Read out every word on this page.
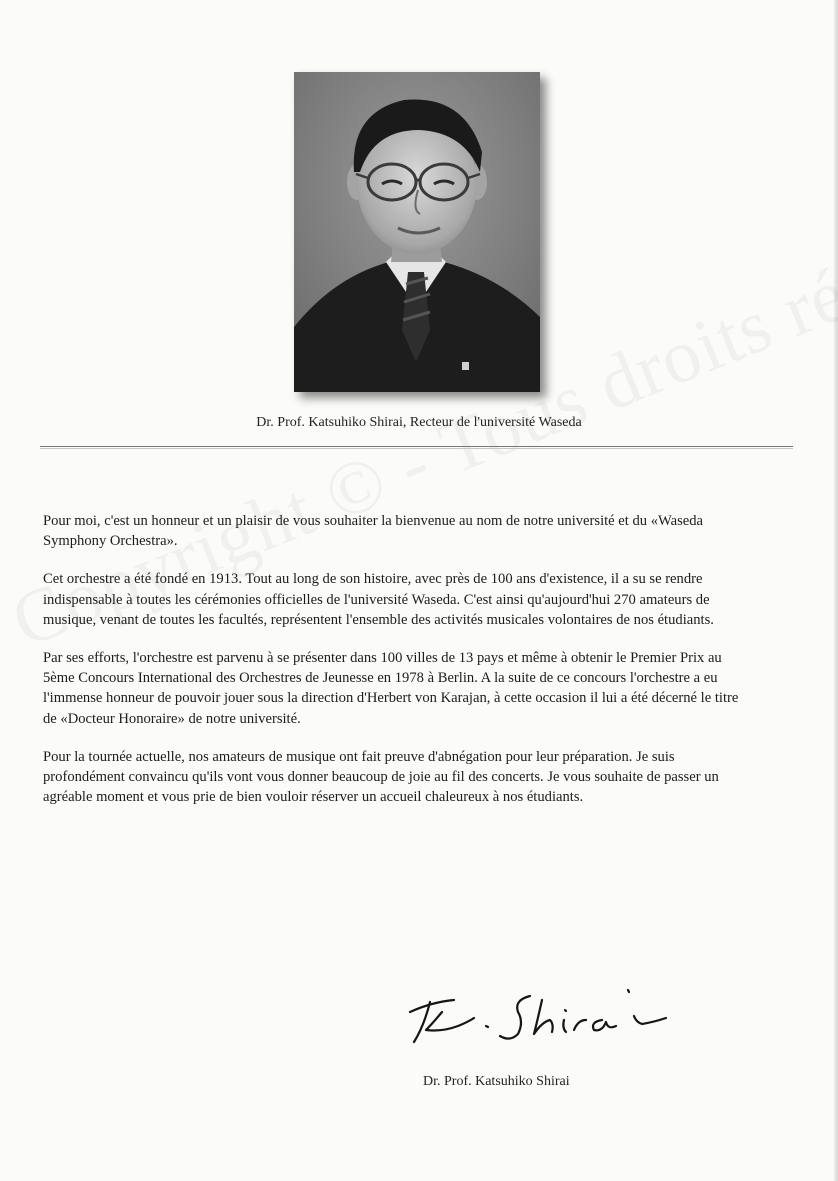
Dr. Prof. Katsuhiko Shirai, Recteur de l'université Waseda

Pour moi, c'est un honneur et un plaisir de vous souhaiter la bienvenue au nom de notre université et du «Waseda Symphony Orchestra».

Cet orchestre a été fondé en 1913. Tout au long de son histoire, avec près de 100 ans d'existence, il a su se rendre indispensable à toutes les cérémonies officielles de l'université Waseda. C'est ainsi qu'aujourd'hui 270 amateurs de musique, venant de toutes les facultés, représentent l'ensemble des activités musicales volontaires de nos étudiants.

Par ses efforts, l'orchestre est parvenu à se présenter dans 100 villes de 13 pays et même à obtenir le Premier Prix au 5ème Concours International des Orchestres de Jeunesse en 1978 à Berlin. A la suite de ce concours l'orchestre a eu l'immense honneur de pouvoir jouer sous la direction d'Herbert von Karajan, à cette occasion il lui a été décerné le titre de «Docteur Honoraire» de notre université.

Pour la tournée actuelle, nos amateurs de musique ont fait preuve d'abnégation pour leur préparation. Je suis profondément convaincu qu'ils vont vous donner beaucoup de joie au fil des concerts. Je vous souhaite de passer un agréable moment et vous prie de bien vouloir réserver un accueil chaleureux à nos étudiants.

Dr. Prof. Katsuhiko Shirai
